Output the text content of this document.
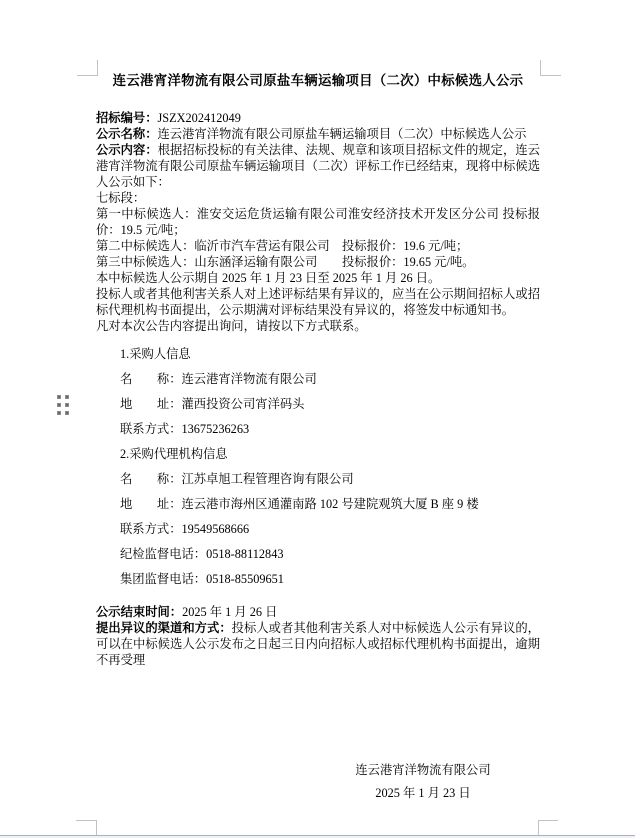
连云港宵洋物流有限公司原盐车辆运输项目（二次）中标候选人公示
招标编号：JSZX202412049
公示名称：连云港宵洋物流有限公司原盐车辆运输项目（二次）中标候选人公示
公示内容：根据招标投标的有关法律、法规、规章和该项目招标文件的规定，连云港宵洋物流有限公司原盐车辆运输项目（二次）评标工作已经结束，现将中标候选人公示如下：
七标段：
第一中标候选人：淮安交运危货运输有限公司淮安经济技术开发区分公司 投标报价：19.5 元/吨；
第二中标候选人：临沂市汽车营运有限公司　投标报价：19.6 元/吨；
第三中标候选人：山东涵泽运输有限公司　　投标报价：19.65 元/吨。
本中标候选人公示期自 2025 年 1 月 23 日至 2025 年 1 月 26 日。
投标人或者其他利害关系人对上述评标结果有异议的，应当在公示期间招标人或招标代理机构书面提出，公示期满对评标结果没有异议的，将签发中标通知书。
凡对本次公告内容提出询问，请按以下方式联系。
1.采购人信息
名　　称：连云港宵洋物流有限公司
地　　址：灌西投资公司宵洋码头
联系方式：13675236263
2.采购代理机构信息
名　　称：江苏卓旭工程管理咨询有限公司
地　　址：连云港市海州区通灌南路 102 号建院观筑大厦 B 座 9 楼
联系方式：19549568666
纪检监督电话：0518-88112843
集团监督电话：0518-85509651
公示结束时间：2025 年 1 月 26 日
提出异议的渠道和方式：投标人或者其他利害关系人对中标候选人公示有异议的，可以在中标候选人公示发布之日起三日内向招标人或招标代理机构书面提出，逾期不再受理
连云港宵洋物流有限公司
2025 年 1 月 23 日
